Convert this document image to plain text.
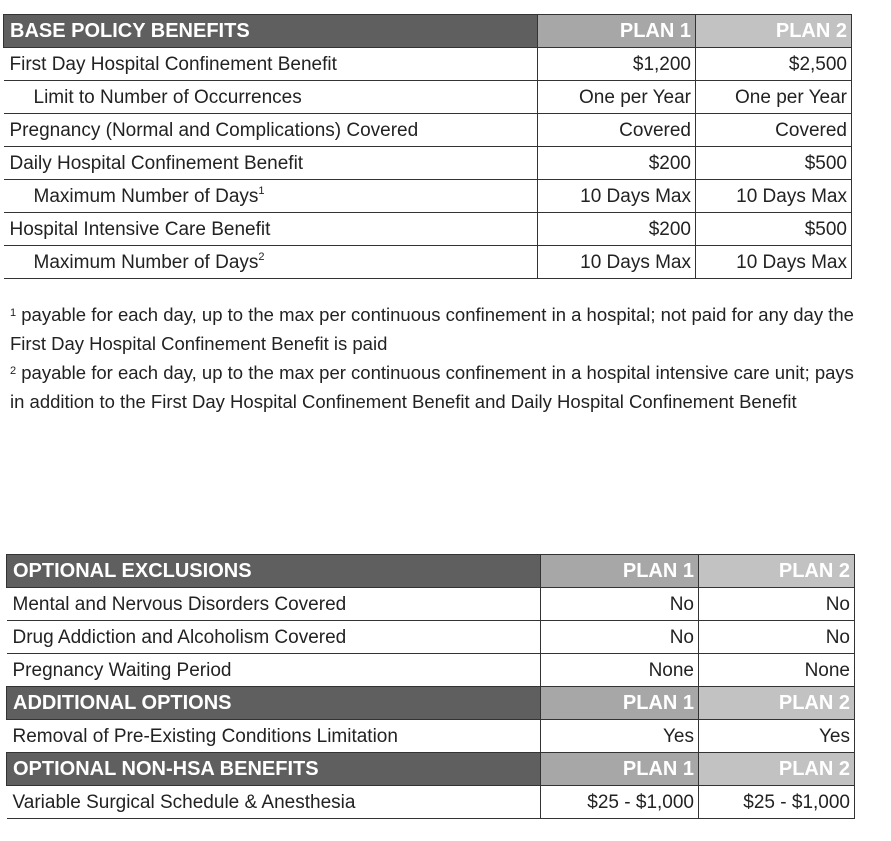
BASE POLICY BENEFITS	PLAN 1	PLAN 2
First Day Hospital Confinement Benefit	$1,200	$2,500
Limit to Number of Occurrences	One per Year	One per Year
Pregnancy (Normal and Complications) Covered	Covered	Covered
Daily Hospital Confinement Benefit	$200	$500
Maximum Number of Days$^1$	10 Days Max	10 Days Max
Hospital Intensive Care Benefit	$200	$500
Maximum Number of Days$^2$	10 Days Max	10 Days Max

$^1$ payable for each day, up to the max per continuous confinement in a hospital; not paid for any day the First Day Hospital Confinement Benefit is paid

$^2$ payable for each day, up to the max per continuous confinement in a hospital intensive care unit; pays in addition to the First Day Hospital Confinement Benefit and Daily Hospital Confinement Benefit

OPTIONAL EXCLUSIONS	PLAN 1	PLAN 2
Mental and Nervous Disorders Covered	No	No
Drug Addiction and Alcoholism Covered	No	No
Pregnancy Waiting Period	None	None
ADDITIONAL OPTIONS	PLAN 1	PLAN 2
Removal of Pre-Existing Conditions Limitation	Yes	Yes
OPTIONAL NON-HSA BENEFITS	PLAN 1	PLAN 2
Variable Surgical Schedule & Anesthesia	$25 - $1,000	$25 - $1,000
